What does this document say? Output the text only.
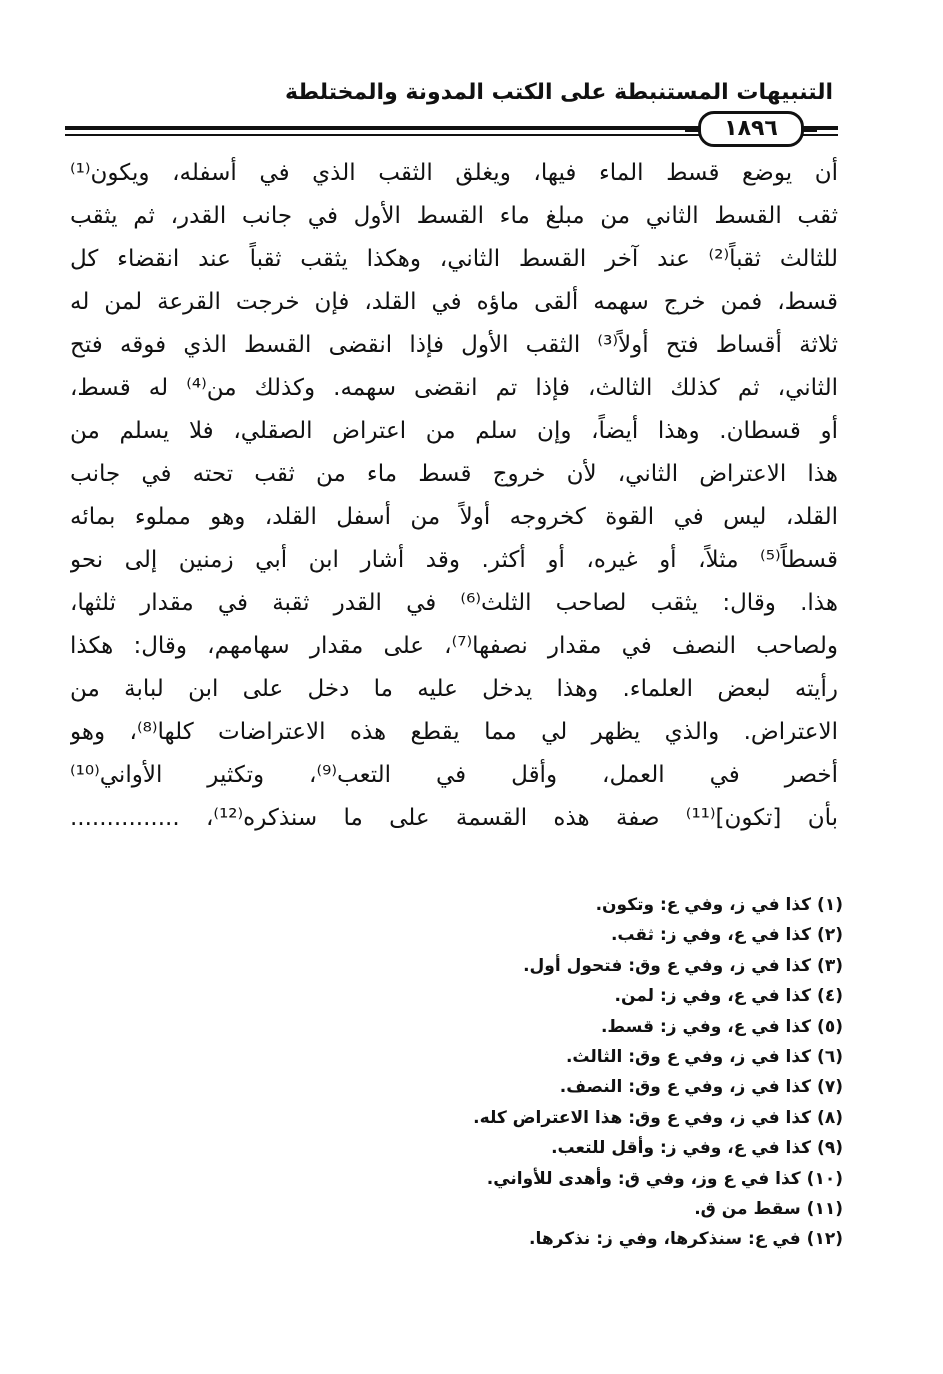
التنبيهات المستنبطة على الكتب المدونة والمختلطة
١٨٩٦
أن يوضع قسط الماء فيها، ويغلق الثقب الذي في أسفله، ويكون⁽¹⁾
ثقب القسط الثاني من مبلغ ماء القسط الأول في جانب القدر، ثم يثقب
للثالث ثقباً⁽²⁾ عند آخر القسط الثاني، وهكذا يثقب ثقباً عند انقضاء كل
قسط، فمن خرج سهمه ألقى ماؤه في القلد، فإن خرجت القرعة لمن له
ثلاثة أقساط فتح أولاً⁽³⁾ الثقب الأول فإذا انقضى القسط الذي فوقه فتح
الثاني، ثم كذلك الثالث، فإذا تم انقضى سهمه. وكذلك من⁽⁴⁾ له قسط،
أو قسطان. وهذا أيضاً، وإن سلم من اعتراض الصقلي، فلا يسلم من
هذا الاعتراض الثاني، لأن خروج قسط ماء من ثقب تحته في جانب
القلد، ليس في القوة كخروجه أولاً من أسفل القلد، وهو مملوء بمائه
قسطاً⁽⁵⁾ مثلاً، أو غيره، أو أكثر. وقد أشار ابن أبي زمنين إلى نحو
هذا. وقال: يثقب لصاحب الثلث⁽⁶⁾ في القدر ثقبة في مقدار ثلثها،
ولصاحب النصف في مقدار نصفها⁽⁷⁾، على مقدار سهامهم، وقال: هكذا
رأيته لبعض العلماء. وهذا يدخل عليه ما دخل على ابن لبابة من
الاعتراض. والذي يظهر لي مما يقطع هذه الاعتراضات كلها⁽⁸⁾، وهو
أخصر في العمل، وأقل في التعب⁽⁹⁾، وتكثير الأواني⁽¹⁰⁾
بأن [تكون]⁽¹¹⁾ صفة هذه القسمة على ما سنذكره⁽¹²⁾، ...............
(١)كذا في ز، وفي ع: وتكون.
(٢)كذا في ع، وفي ز: ثقب.
(٣)كذا في ز، وفي ع وق: فتحول أول.
(٤)كذا في ع، وفي ز: لمن.
(٥)كذا في ع، وفي ز: قسط.
(٦)كذا في ز، وفي ع وق: الثالث.
(٧)كذا في ز، وفي ع وق: النصف.
(٨)كذا في ز، وفي ع وق: هذا الاعتراض كله.
(٩)كذا في ع، وفي ز: وأقل للتعب.
(١٠)كذا في ع وز، وفي ق: وأهدى للأواني.
(١١)سقط من ق.
(١٢)في ع: سنذكرها، وفي ز: نذكرها.
